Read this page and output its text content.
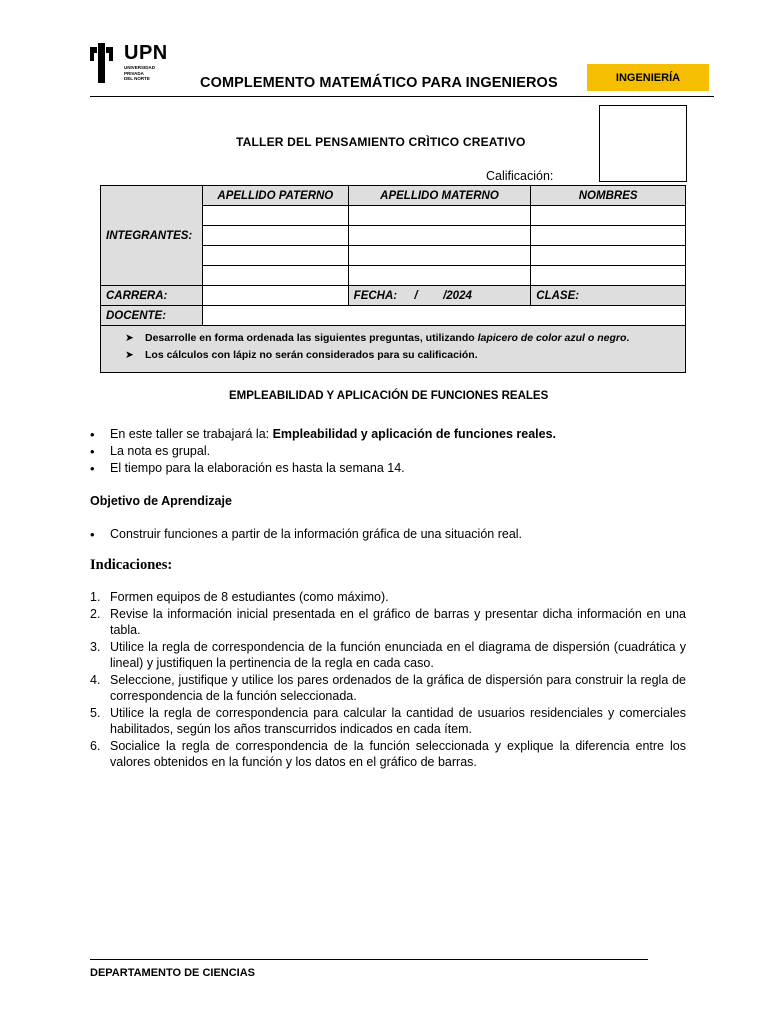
UPN
UNIVERSIDAD
PRIVADA
DEL NORTE	COMPLEMENTO MATEMÁTICO PARA INGENIEROS	INGENIERÍA
TALLER DEL PENSAMIENTO CRÌTICO CREATIVO
Calificación:
INTEGRANTES:	APELLIDO PATERNO	APELLIDO MATERNO	NOMBRES

CARRERA:		FECHA: /        /2024	CLASE:
DOCENTE:			
➤ Desarrolle en forma ordenada las siguientes preguntas, utilizando lapicero de color azul o negro.
➤ Los cálculos con lápiz no serán considerados para su calificación.
EMPLEABILIDAD Y APLICACIÓN DE FUNCIONES REALES
• En este taller se trabajará la: Empleabilidad y aplicación de funciones reales.
• La nota es grupal.
• El tiempo para la elaboración es hasta la semana 14.
Objetivo de Aprendizaje
• Construir funciones a partir de la información gráfica de una situación real.
Indicaciones:
1. Formen equipos de 8 estudiantes (como máximo).
2. Revise la información inicial presentada en el gráfico de barras y presentar dicha información en una tabla.
3. Utilice la regla de correspondencia de la función enunciada en el diagrama de dispersión (cuadrática y lineal) y justifiquen la pertinencia de la regla en cada caso.
4. Seleccione, justifique y utilice los pares ordenados de la gráfica de dispersión para construir la regla de correspondencia de la función seleccionada.
5. Utilice la regla de correspondencia para calcular la cantidad de usuarios residenciales y comerciales habilitados, según los años transcurridos indicados en cada ítem.
6. Socialice la regla de correspondencia de la función seleccionada y explique la diferencia entre los valores obtenidos en la función y los datos en el gráfico de barras.
DEPARTAMENTO DE CIENCIAS
